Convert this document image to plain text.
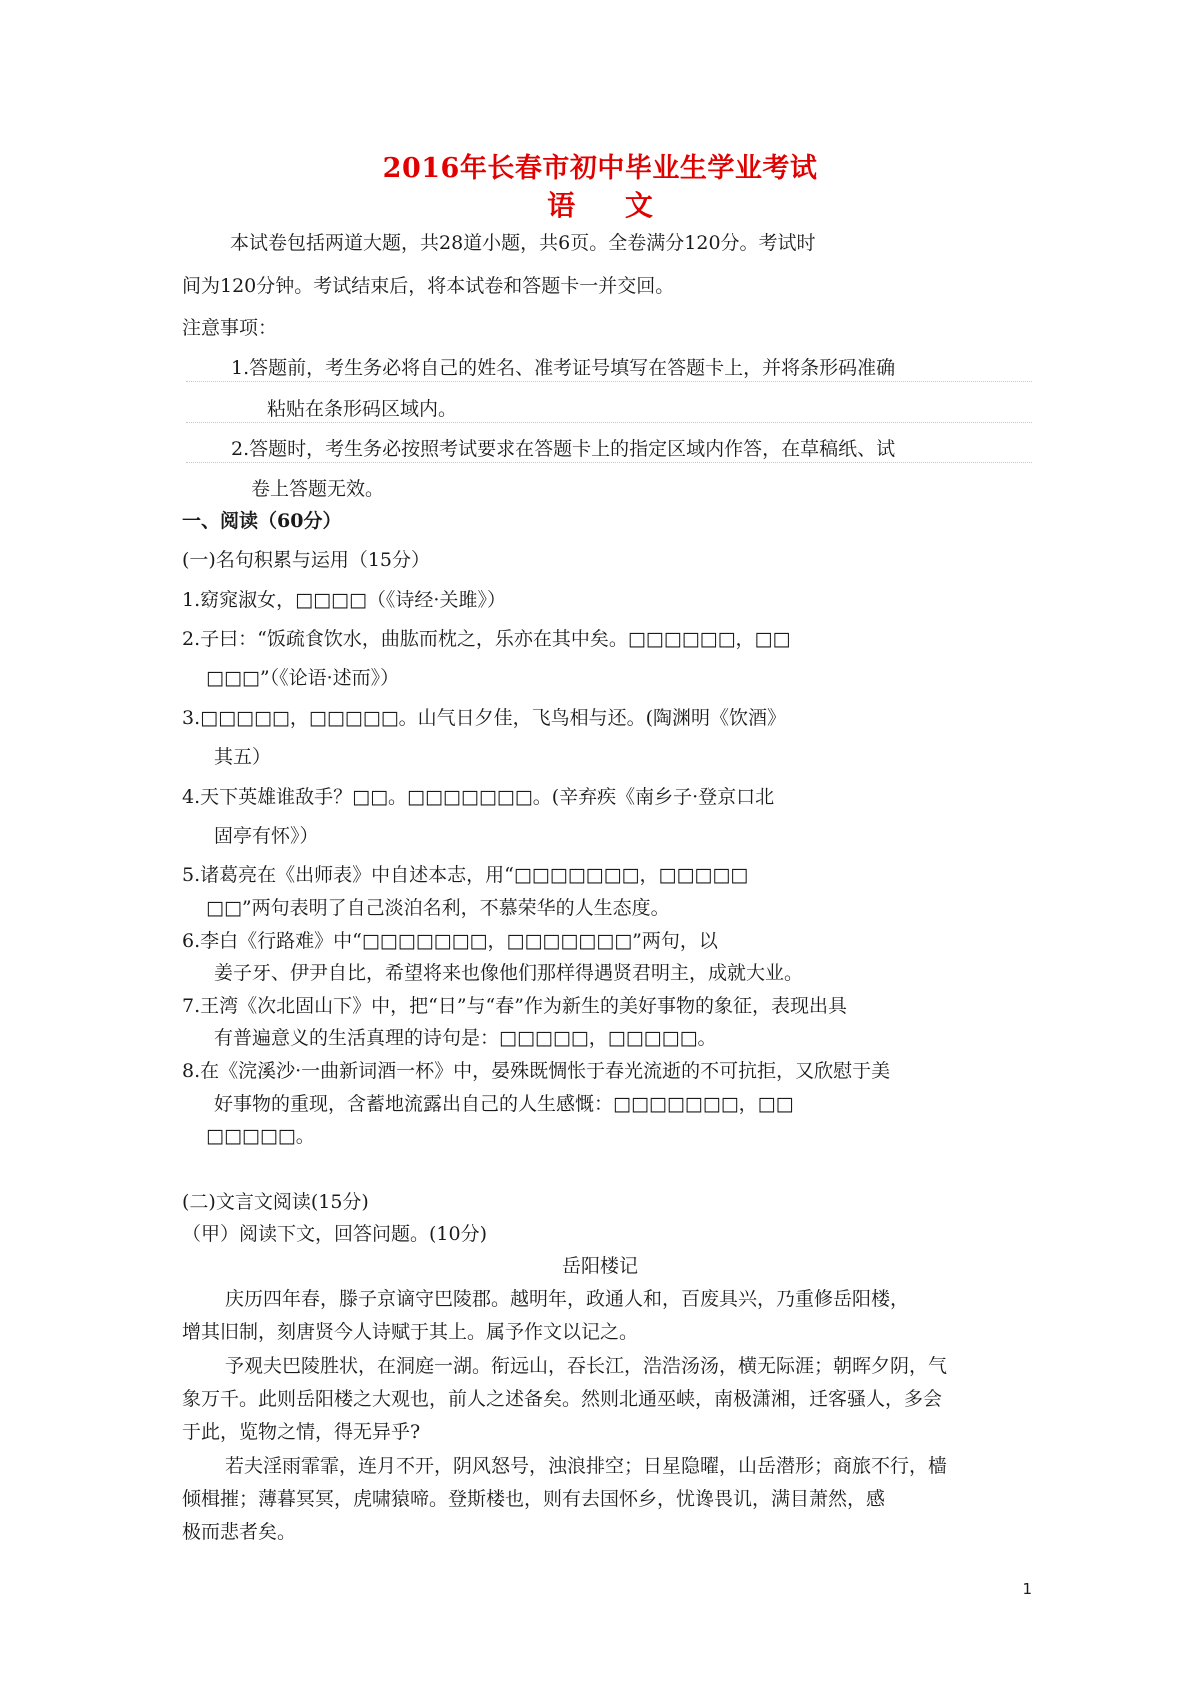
2016年长春市初中毕业生学业考试
语 文
本试卷包括两道大题，共28道小题，共6页。全卷满分120分。考试时
间为120分钟。考试结束后，将本试卷和答题卡一并交回。
注意事项：
1.答题前，考生务必将自己的姓名、准考证号填写在答题卡上，并将条形码准确
粘贴在条形码区域内。
2.答题时，考生务必按照考试要求在答题卡上的指定区域内作答，在草稿纸、试
卷上答题无效。
一、阅读（60分）
(一)名句积累与运用（15分）
1.窈窕淑女，□□□□（《诗经·关雎》）
2.子曰：“饭疏食饮水，曲肱而枕之，乐亦在其中矣。□□□□□□，□□
□□□”（《论语·述而》）
3.□□□□□，□□□□□。山气日夕佳，飞鸟相与还。(陶渊明《饮酒》
其五）
4.天下英雄谁敌手？□□。□□□□□□□。(辛弃疾《南乡子·登京口北
固亭有怀》）
5.诸葛亮在《出师表》中自述本志，用“□□□□□□□，□□□□□
□□”两句表明了自己淡泊名利，不慕荣华的人生态度。
6.李白《行路难》中“□□□□□□□，□□□□□□□”两句，以
姜子牙、伊尹自比，希望将来也像他们那样得遇贤君明主，成就大业。
7.王湾《次北固山下》中，把“日”与“春”作为新生的美好事物的象征，表现出具
有普遍意义的生活真理的诗句是：□□□□□，□□□□□。
8.在《浣溪沙·一曲新词酒一杯》中，晏殊既惆怅于春光流逝的不可抗拒，又欣慰于美
好事物的重现，含蓄地流露出自己的人生感慨：□□□□□□□，□□
□□□□□。
(二)文言文阅读(15分)
（甲）阅读下文，回答问题。(10分)
岳阳楼记
庆历四年春，滕子京谪守巴陵郡。越明年，政通人和，百废具兴，乃重修岳阳楼，
增其旧制，刻唐贤今人诗赋于其上。属予作文以记之。
予观夫巴陵胜状，在洞庭一湖。衔远山，吞长江，浩浩汤汤，横无际涯；朝晖夕阴，气
象万千。此则岳阳楼之大观也，前人之述备矣。然则北通巫峡，南极潇湘，迁客骚人，多会
于此，览物之情，得无异乎?
若夫淫雨霏霏，连月不开，阴风怒号，浊浪排空；日星隐曜，山岳潜形；商旅不行，樯
倾楫摧；薄暮冥冥，虎啸猿啼。登斯楼也，则有去国怀乡，忧谗畏讥，满目萧然，感
极而悲者矣。
1
